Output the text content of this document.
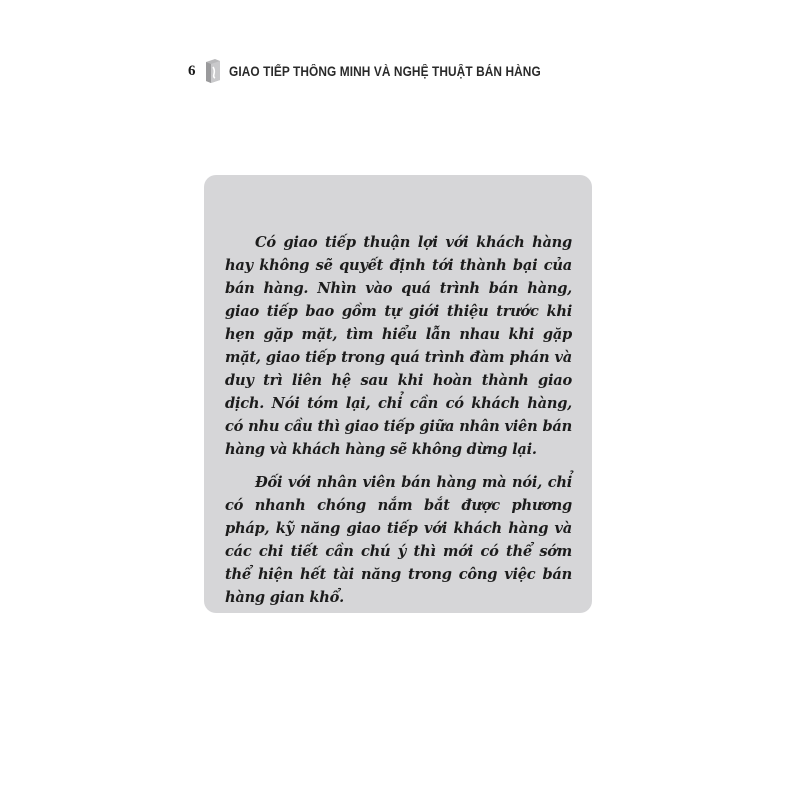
6 GIAO TIẾP THÔNG MINH VÀ NGHỆ THUẬT BÁN HÀNG

Có giao tiếp thuận lợi với khách hàng hay không sẽ quyết định tới thành bại của bán hàng. Nhìn vào quá trình bán hàng, giao tiếp bao gồm tự giới thiệu trước khi hẹn gặp mặt, tìm hiểu lẫn nhau khi gặp mặt, giao tiếp trong quá trình đàm phán và duy trì liên hệ sau khi hoàn thành giao dịch. Nói tóm lại, chỉ cần có khách hàng, có nhu cầu thì giao tiếp giữa nhân viên bán hàng và khách hàng sẽ không dừng lại.

Đối với nhân viên bán hàng mà nói, chỉ có nhanh chóng nắm bắt được phương pháp, kỹ năng giao tiếp với khách hàng và các chi tiết cần chú ý thì mới có thể sớm thể hiện hết tài năng trong công việc bán hàng gian khổ.
